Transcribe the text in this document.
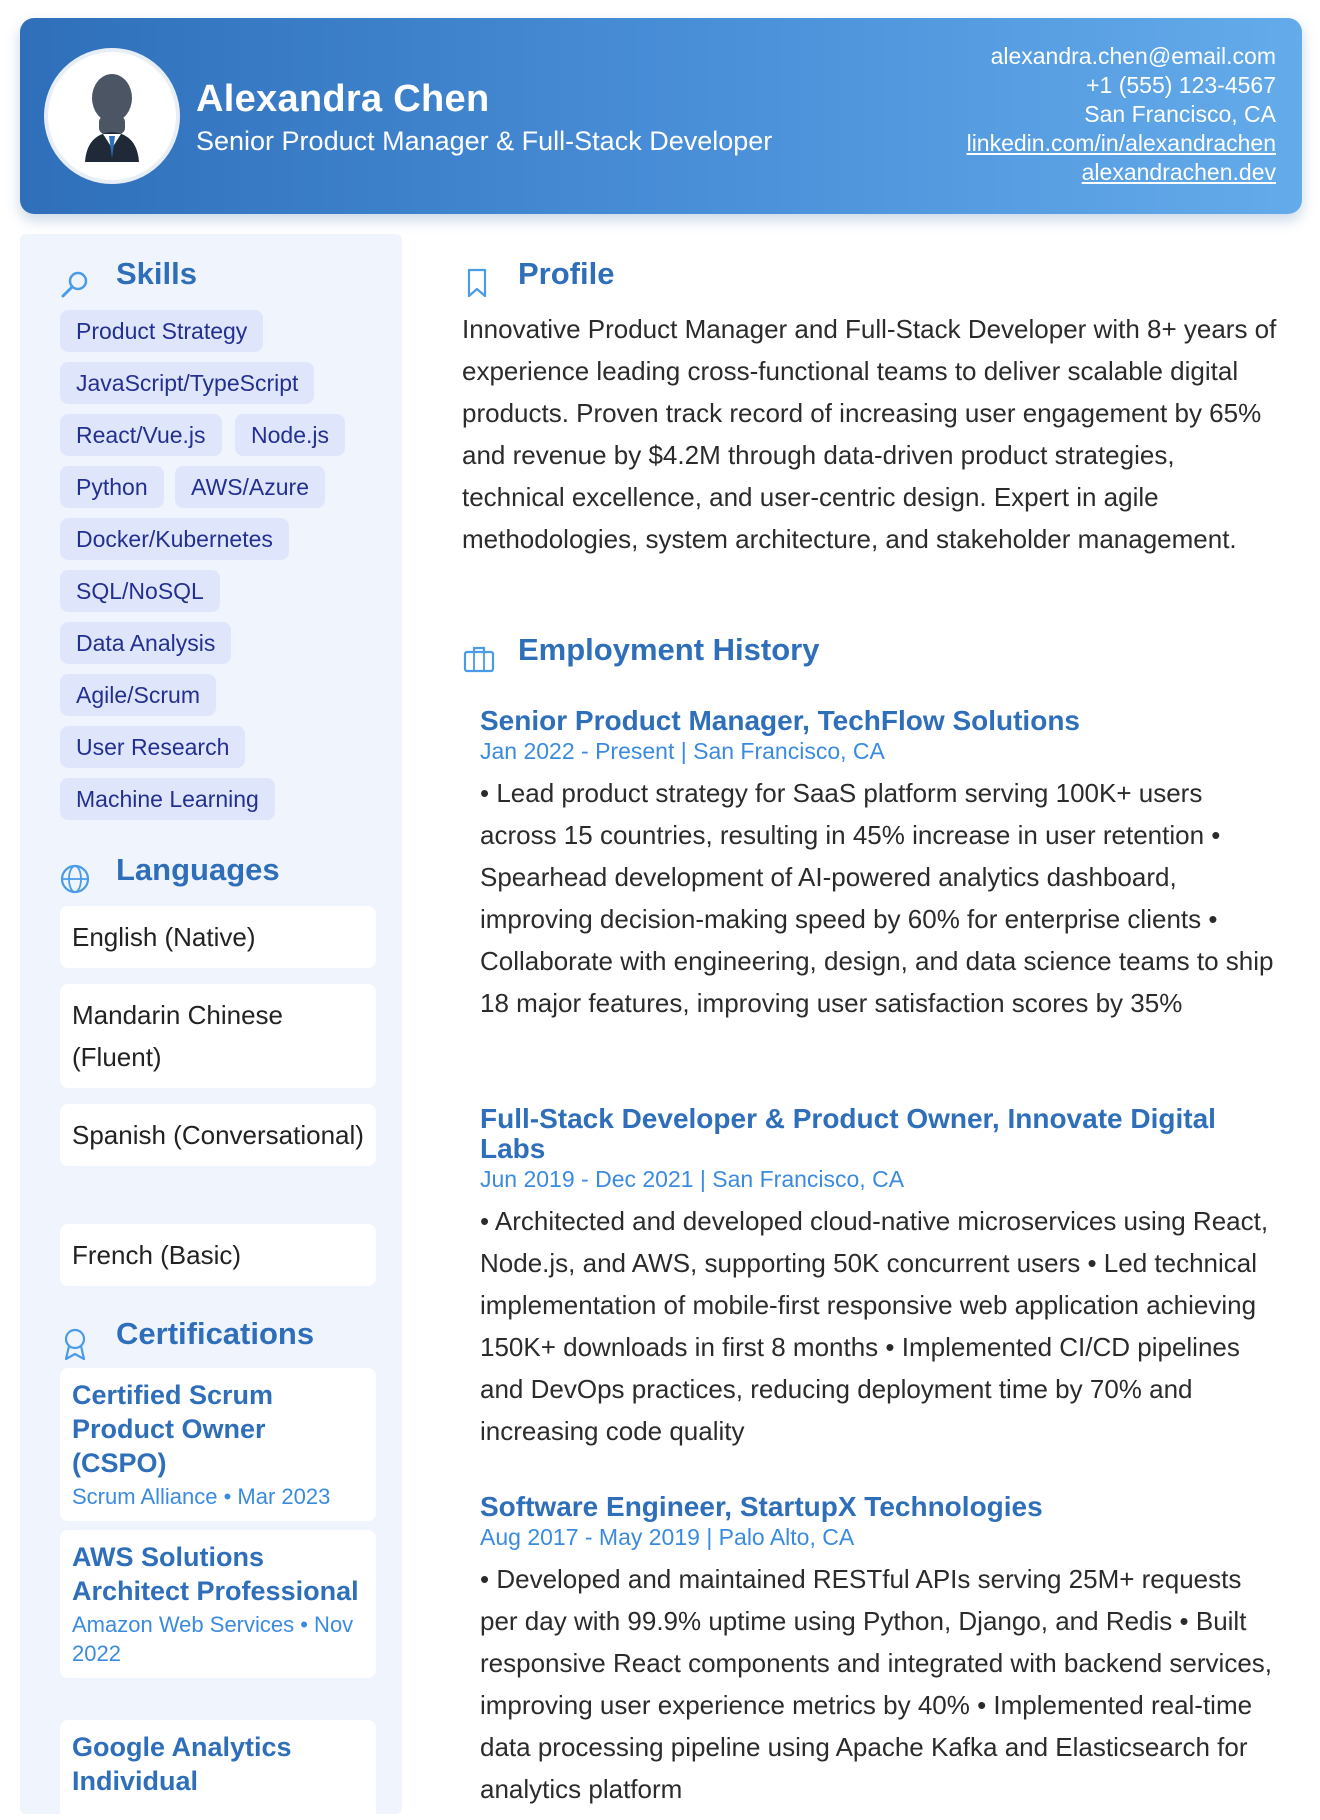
Alexandra Chen
Senior Product Manager & Full-Stack Developer
alexandra.chen@email.com
+1 (555) 123-4567
San Francisco, CA
linkedin.com/in/alexandrachen
alexandrachen.dev
Skills
Product Strategy
JavaScript/TypeScript
React/Vue.js	Node.js
Python	AWS/Azure
Docker/Kubernetes
SQL/NoSQL
Data Analysis
Agile/Scrum
User Research
Machine Learning
Languages
English (Native)
Mandarin Chinese (Fluent)
Spanish (Conversational)
French (Basic)
Certifications
Certified Scrum Product Owner (CSPO)
Scrum Alliance • Mar 2023
AWS Solutions Architect Professional
Amazon Web Services • Nov 2022
Google Analytics Individual
Profile
Innovative Product Manager and Full-Stack Developer with 8+ years of experience leading cross-functional teams to deliver scalable digital products. Proven track record of increasing user engagement by 65% and revenue by $4.2M through data-driven product strategies, technical excellence, and user-centric design. Expert in agile methodologies, system architecture, and stakeholder management.
Employment History
Senior Product Manager, TechFlow Solutions
Jan 2022 - Present | San Francisco, CA
• Lead product strategy for SaaS platform serving 100K+ users across 15 countries, resulting in 45% increase in user retention • Spearhead development of AI-powered analytics dashboard, improving decision-making speed by 60% for enterprise clients • Collaborate with engineering, design, and data science teams to ship 18 major features, improving user satisfaction scores by 35%
Full-Stack Developer & Product Owner, Innovate Digital Labs
Jun 2019 - Dec 2021 | San Francisco, CA
• Architected and developed cloud-native microservices using React, Node.js, and AWS, supporting 50K concurrent users • Led technical implementation of mobile-first responsive web application achieving 150K+ downloads in first 8 months • Implemented CI/CD pipelines and DevOps practices, reducing deployment time by 70% and increasing code quality
Software Engineer, StartupX Technologies
Aug 2017 - May 2019 | Palo Alto, CA
• Developed and maintained RESTful APIs serving 25M+ requests per day with 99.9% uptime using Python, Django, and Redis • Built responsive React components and integrated with backend services, improving user experience metrics by 40% • Implemented real-time data processing pipeline using Apache Kafka and Elasticsearch for analytics platform
